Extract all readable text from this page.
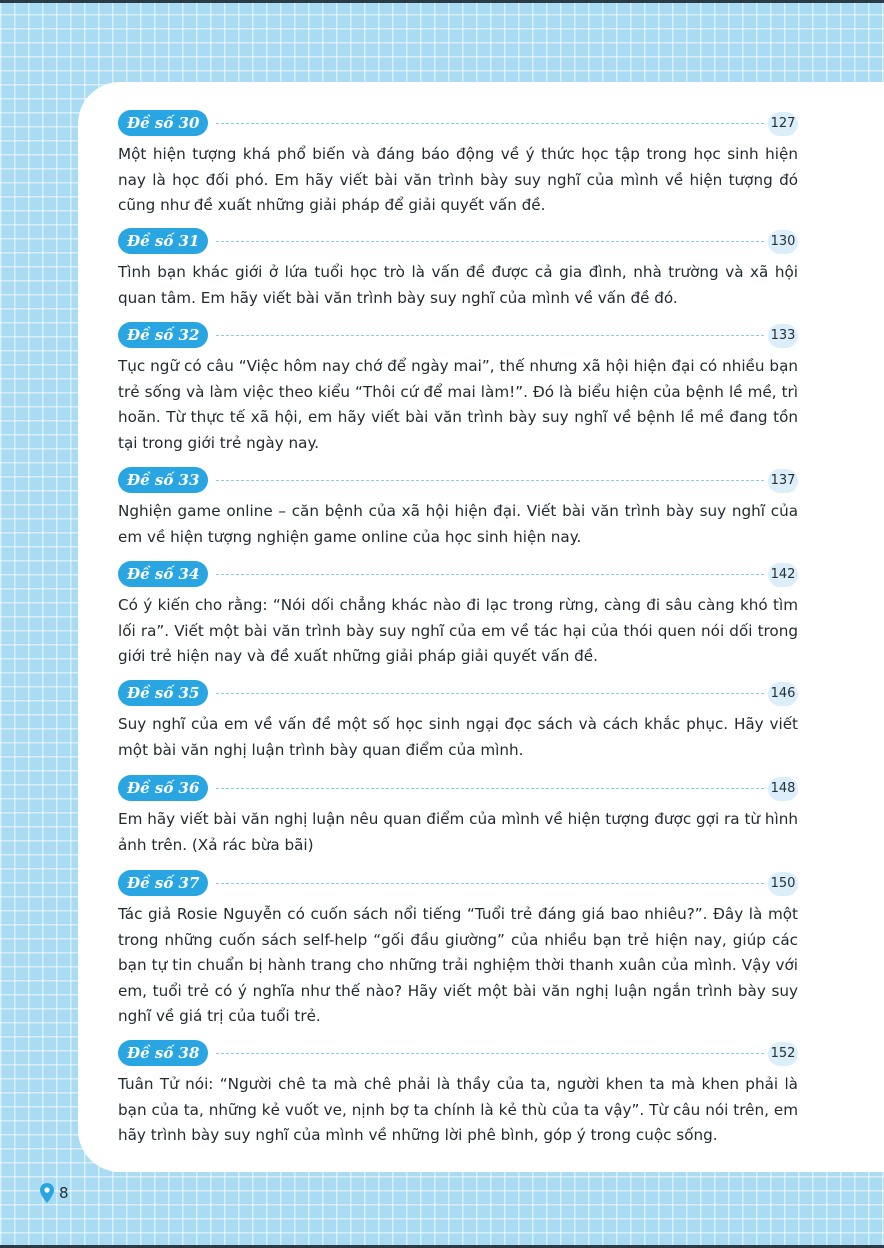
Đề số 30	127

Một hiện tượng khá phổ biến và đáng báo động về ý thức học tập trong học sinh hiện nay là học đối phó. Em hãy viết bài văn trình bày suy nghĩ của mình về hiện tượng đó cũng như đề xuất những giải pháp để giải quyết vấn đề.

Đề số 31	130

Tình bạn khác giới ở lứa tuổi học trò là vấn đề được cả gia đình, nhà trường và xã hội quan tâm. Em hãy viết bài văn trình bày suy nghĩ của mình về vấn đề đó.

Đề số 32	133

Tục ngữ có câu “Việc hôm nay chớ để ngày mai”, thế nhưng xã hội hiện đại có nhiều bạn trẻ sống và làm việc theo kiểu “Thôi cứ để mai làm!”. Đó là biểu hiện của bệnh lề mề, trì hoãn. Từ thực tế xã hội, em hãy viết bài văn trình bày suy nghĩ về bệnh lề mề đang tồn tại trong giới trẻ ngày nay.

Đề số 33	137

Nghiện game online – căn bệnh của xã hội hiện đại. Viết bài văn trình bày suy nghĩ của em về hiện tượng nghiện game online của học sinh hiện nay.

Đề số 34	142

Có ý kiến cho rằng: “Nói dối chẳng khác nào đi lạc trong rừng, càng đi sâu càng khó tìm lối ra”. Viết một bài văn trình bày suy nghĩ của em về tác hại của thói quen nói dối trong giới trẻ hiện nay và đề xuất những giải pháp giải quyết vấn đề.

Đề số 35	146

Suy nghĩ của em về vấn đề một số học sinh ngại đọc sách và cách khắc phục. Hãy viết một bài văn nghị luận trình bày quan điểm của mình.

Đề số 36	148

Em hãy viết bài văn nghị luận nêu quan điểm của mình về hiện tượng được gợi ra từ hình ảnh trên. (Xả rác bừa bãi)

Đề số 37	150

Tác giả Rosie Nguyễn có cuốn sách nổi tiếng “Tuổi trẻ đáng giá bao nhiêu?”. Đây là một trong những cuốn sách self-help “gối đầu giường” của nhiều bạn trẻ hiện nay, giúp các bạn tự tin chuẩn bị hành trang cho những trải nghiệm thời thanh xuân của mình. Vậy với em, tuổi trẻ có ý nghĩa như thế nào? Hãy viết một bài văn nghị luận ngắn trình bày suy nghĩ về giá trị của tuổi trẻ.

Đề số 38	152

Tuân Tử nói: “Người chê ta mà chê phải là thầy của ta, người khen ta mà khen phải là bạn của ta, những kẻ vuốt ve, nịnh bợ ta chính là kẻ thù của ta vậy”. Từ câu nói trên, em hãy trình bày suy nghĩ của mình về những lời phê bình, góp ý trong cuộc sống.

8
